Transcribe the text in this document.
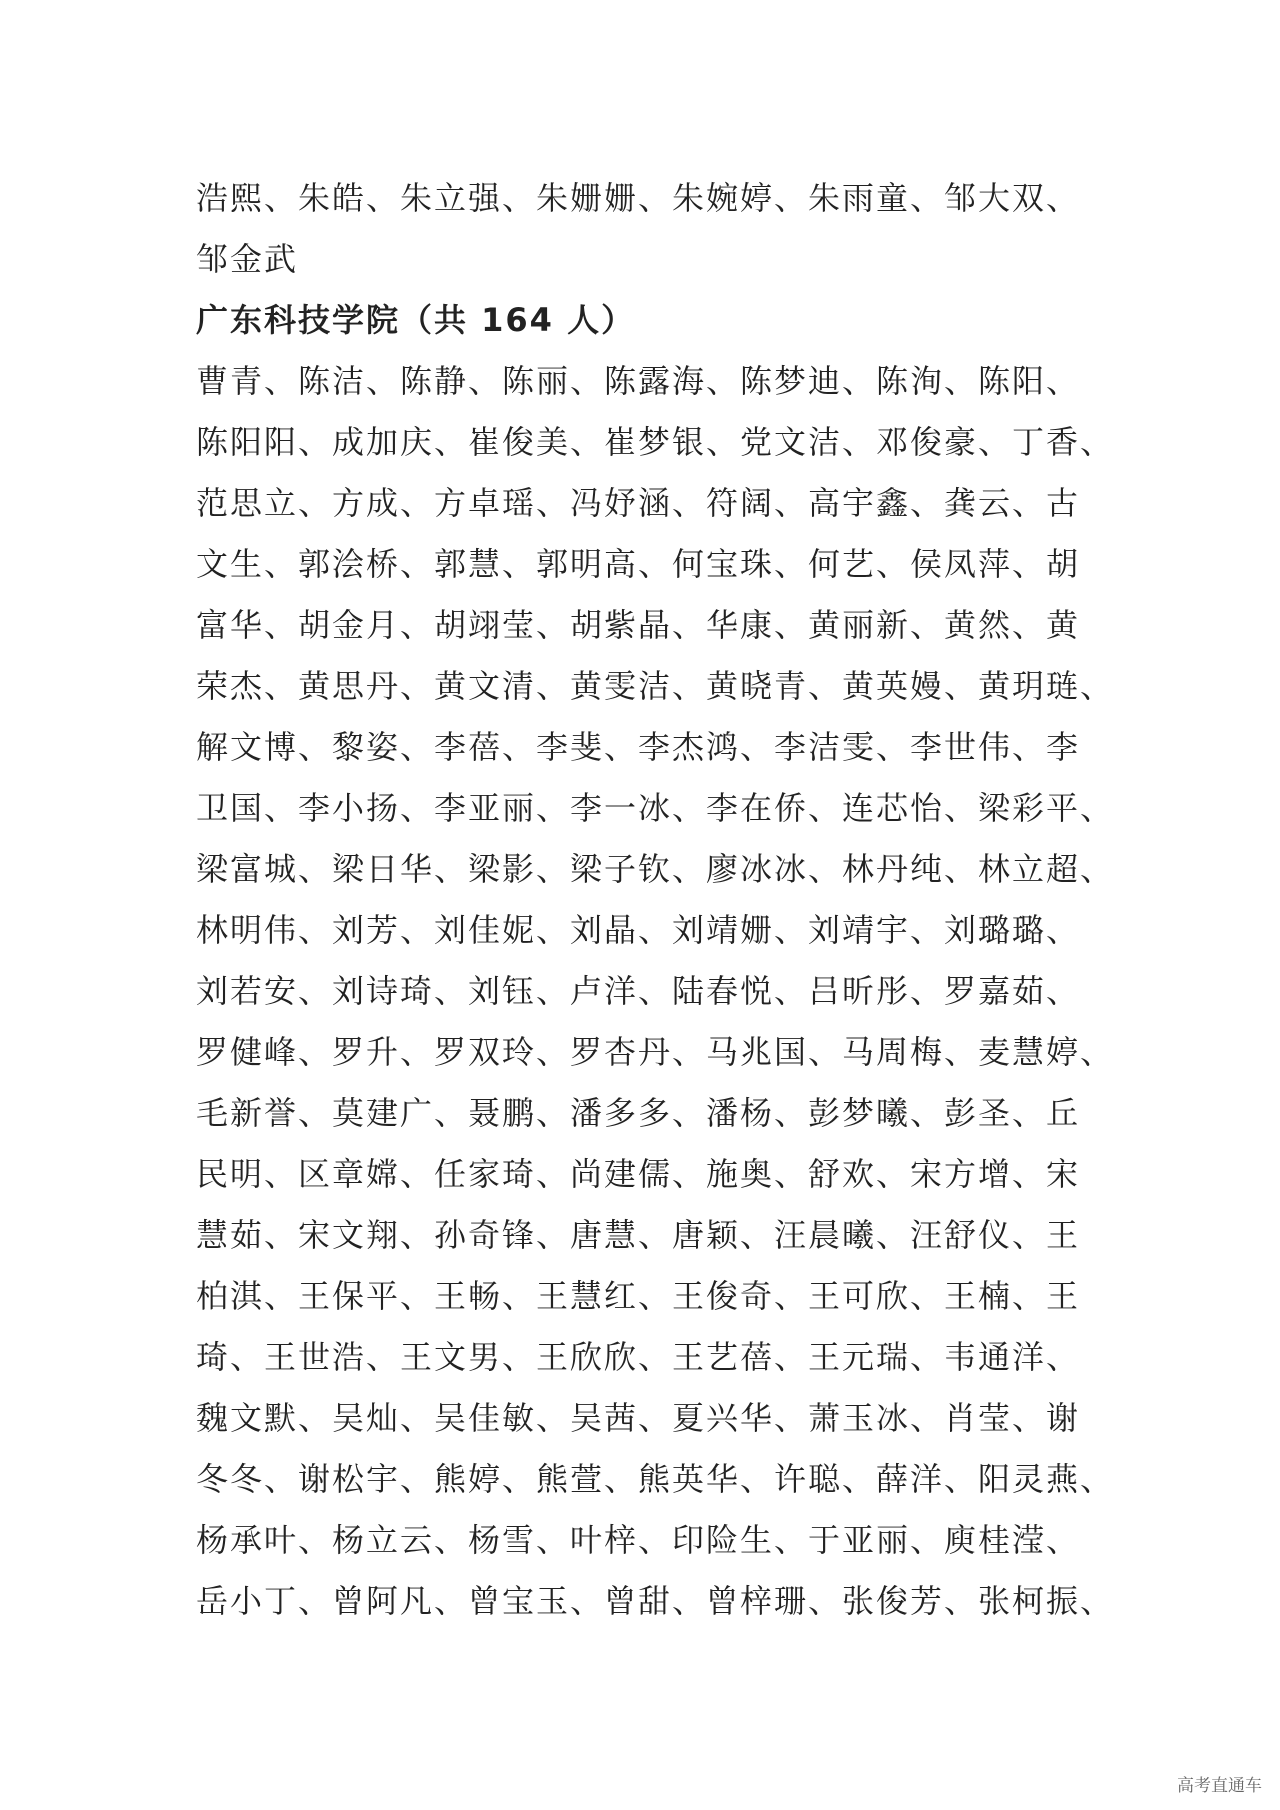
浩熙、朱皓、朱立强、朱姗姗、朱婉婷、朱雨童、邹大双、
邹金武
广东科技学院（共 164 人）
曹青、陈洁、陈静、陈丽、陈露海、陈梦迪、陈洵、陈阳、
陈阳阳、成加庆、崔俊美、崔梦银、党文洁、邓俊豪、丁香、
范思立、方成、方卓瑶、冯妤涵、符阔、高宇鑫、龚云、古
文生、郭浍桥、郭慧、郭明高、何宝珠、何艺、侯凤萍、胡
富华、胡金月、胡翊莹、胡紫晶、华康、黄丽新、黄然、黄
荣杰、黄思丹、黄文清、黄雯洁、黄晓青、黄英嫚、黄玥琏、
解文博、黎姿、李蓓、李斐、李杰鸿、李洁雯、李世伟、李
卫国、李小扬、李亚丽、李一冰、李在侨、连芯怡、梁彩平、
梁富城、梁日华、梁影、梁子钦、廖冰冰、林丹纯、林立超、
林明伟、刘芳、刘佳妮、刘晶、刘靖姗、刘靖宇、刘璐璐、
刘若安、刘诗琦、刘钰、卢洋、陆春悦、吕昕彤、罗嘉茹、
罗健峰、罗升、罗双玲、罗杏丹、马兆国、马周梅、麦慧婷、
毛新誉、莫建广、聂鹏、潘多多、潘杨、彭梦曦、彭圣、丘
民明、区章嫦、任家琦、尚建儒、施奥、舒欢、宋方增、宋
慧茹、宋文翔、孙奇锋、唐慧、唐颖、汪晨曦、汪舒仪、王
柏淇、王保平、王畅、王慧红、王俊奇、王可欣、王楠、王
琦、王世浩、王文男、王欣欣、王艺蓓、王元瑞、韦通洋、
魏文默、吴灿、吴佳敏、吴茜、夏兴华、萧玉冰、肖莹、谢
冬冬、谢松宇、熊婷、熊萱、熊英华、许聪、薛洋、阳灵燕、
杨承叶、杨立云、杨雪、叶梓、印险生、于亚丽、庾桂滢、
岳小丁、曾阿凡、曾宝玉、曾甜、曾梓珊、张俊芳、张柯振、
高考直通车
